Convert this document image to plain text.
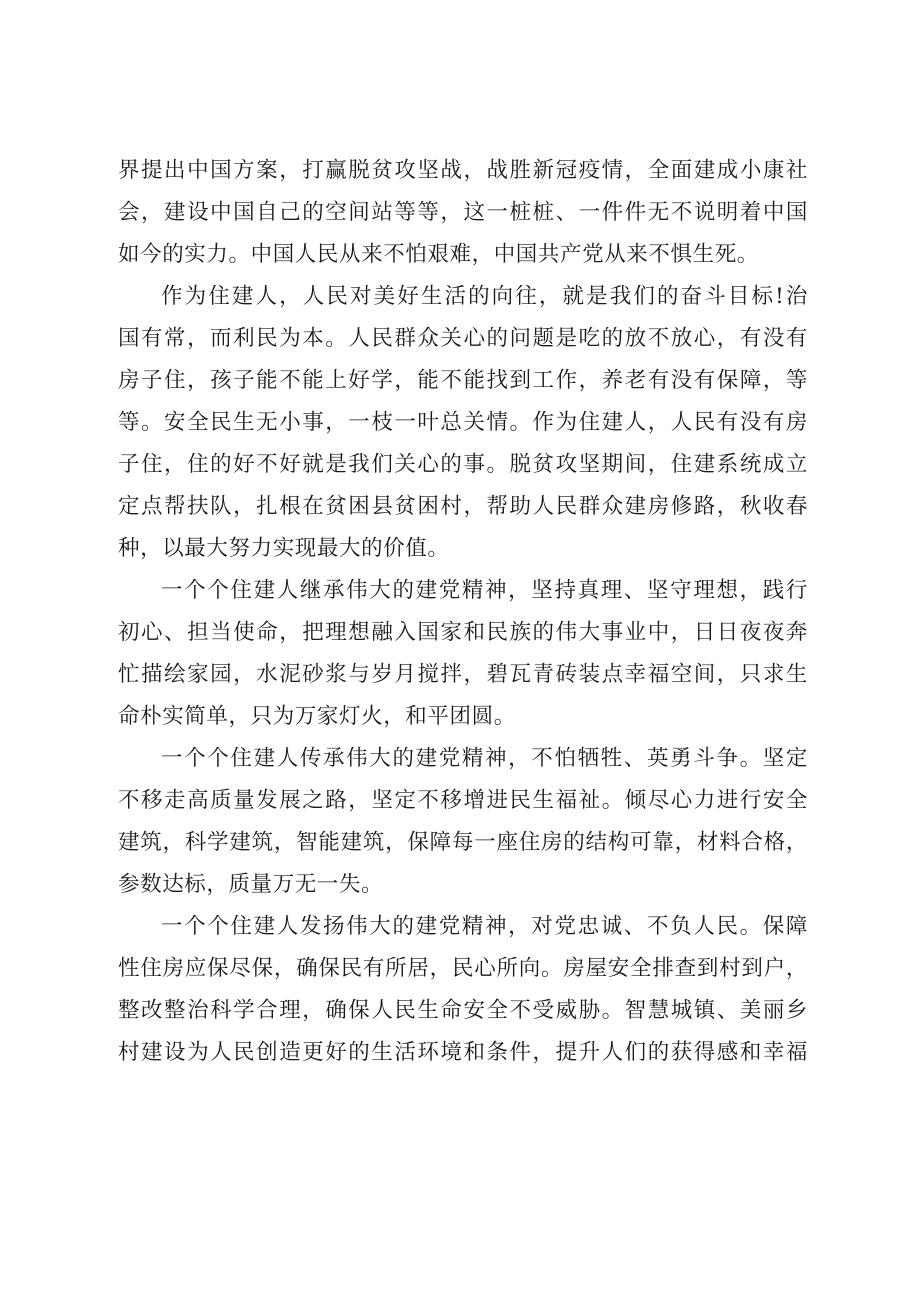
界提出中国方案，打赢脱贫攻坚战，战胜新冠疫情，全面建成小康社
会，建设中国自己的空间站等等，这一桩桩、一件件无不说明着中国
如今的实力。中国人民从来不怕艰难，中国共产党从来不惧生死。
作为住建人，人民对美好生活的向往，就是我们的奋斗目标!治
国有常，而利民为本。人民群众关心的问题是吃的放不放心，有没有
房子住，孩子能不能上好学，能不能找到工作，养老有没有保障，等
等。安全民生无小事，一枝一叶总关情。作为住建人，人民有没有房
子住，住的好不好就是我们关心的事。脱贫攻坚期间，住建系统成立
定点帮扶队，扎根在贫困县贫困村，帮助人民群众建房修路，秋收春
种，以最大努力实现最大的价值。
一个个住建人继承伟大的建党精神，坚持真理、坚守理想，践行
初心、担当使命，把理想融入国家和民族的伟大事业中，日日夜夜奔
忙描绘家园，水泥砂浆与岁月搅拌，碧瓦青砖装点幸福空间，只求生
命朴实简单，只为万家灯火，和平团圆。
一个个住建人传承伟大的建党精神，不怕牺牲、英勇斗争。坚定
不移走高质量发展之路，坚定不移增进民生福祉。倾尽心力进行安全
建筑，科学建筑，智能建筑，保障每一座住房的结构可靠，材料合格，
参数达标，质量万无一失。
一个个住建人发扬伟大的建党精神，对党忠诚、不负人民。保障
性住房应保尽保，确保民有所居，民心所向。房屋安全排查到村到户，
整改整治科学合理，确保人民生命安全不受威胁。智慧城镇、美丽乡
村建设为人民创造更好的生活环境和条件，提升人们的获得感和幸福
